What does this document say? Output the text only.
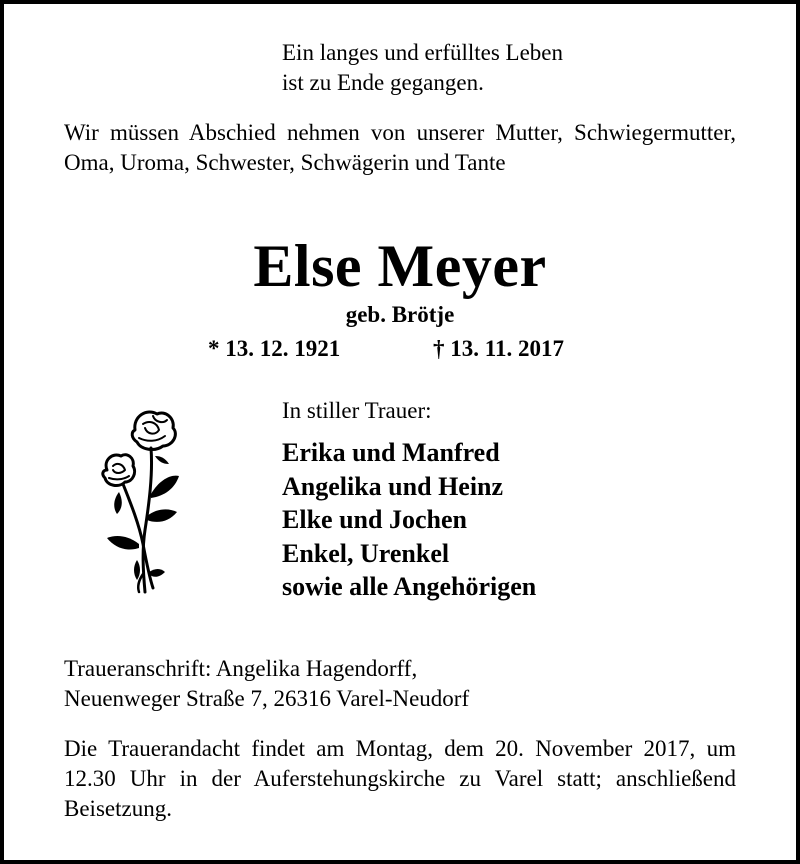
Ein langes und erfülltes Leben
ist zu Ende gegangen.

Wir müssen Abschied nehmen von unserer Mutter, Schwiegermutter, Oma, Uroma, Schwester, Schwägerin und Tante

Else Meyer
geb. Brötje
* 13. 12. 1921	† 13. 11. 2017
In stiller Trauer:
Erika und Manfred
Angelika und Heinz
Elke und Jochen
Enkel, Urenkel
sowie alle Angehörigen
Traueranschrift: Angelika Hagendorff,
Neuenweger Straße 7, 26316 Varel-Neudorf

Die Trauerandacht findet am Montag, dem 20. November 2017, um 12.30 Uhr in der Auferstehungskirche zu Varel statt; anschließend Beisetzung.
